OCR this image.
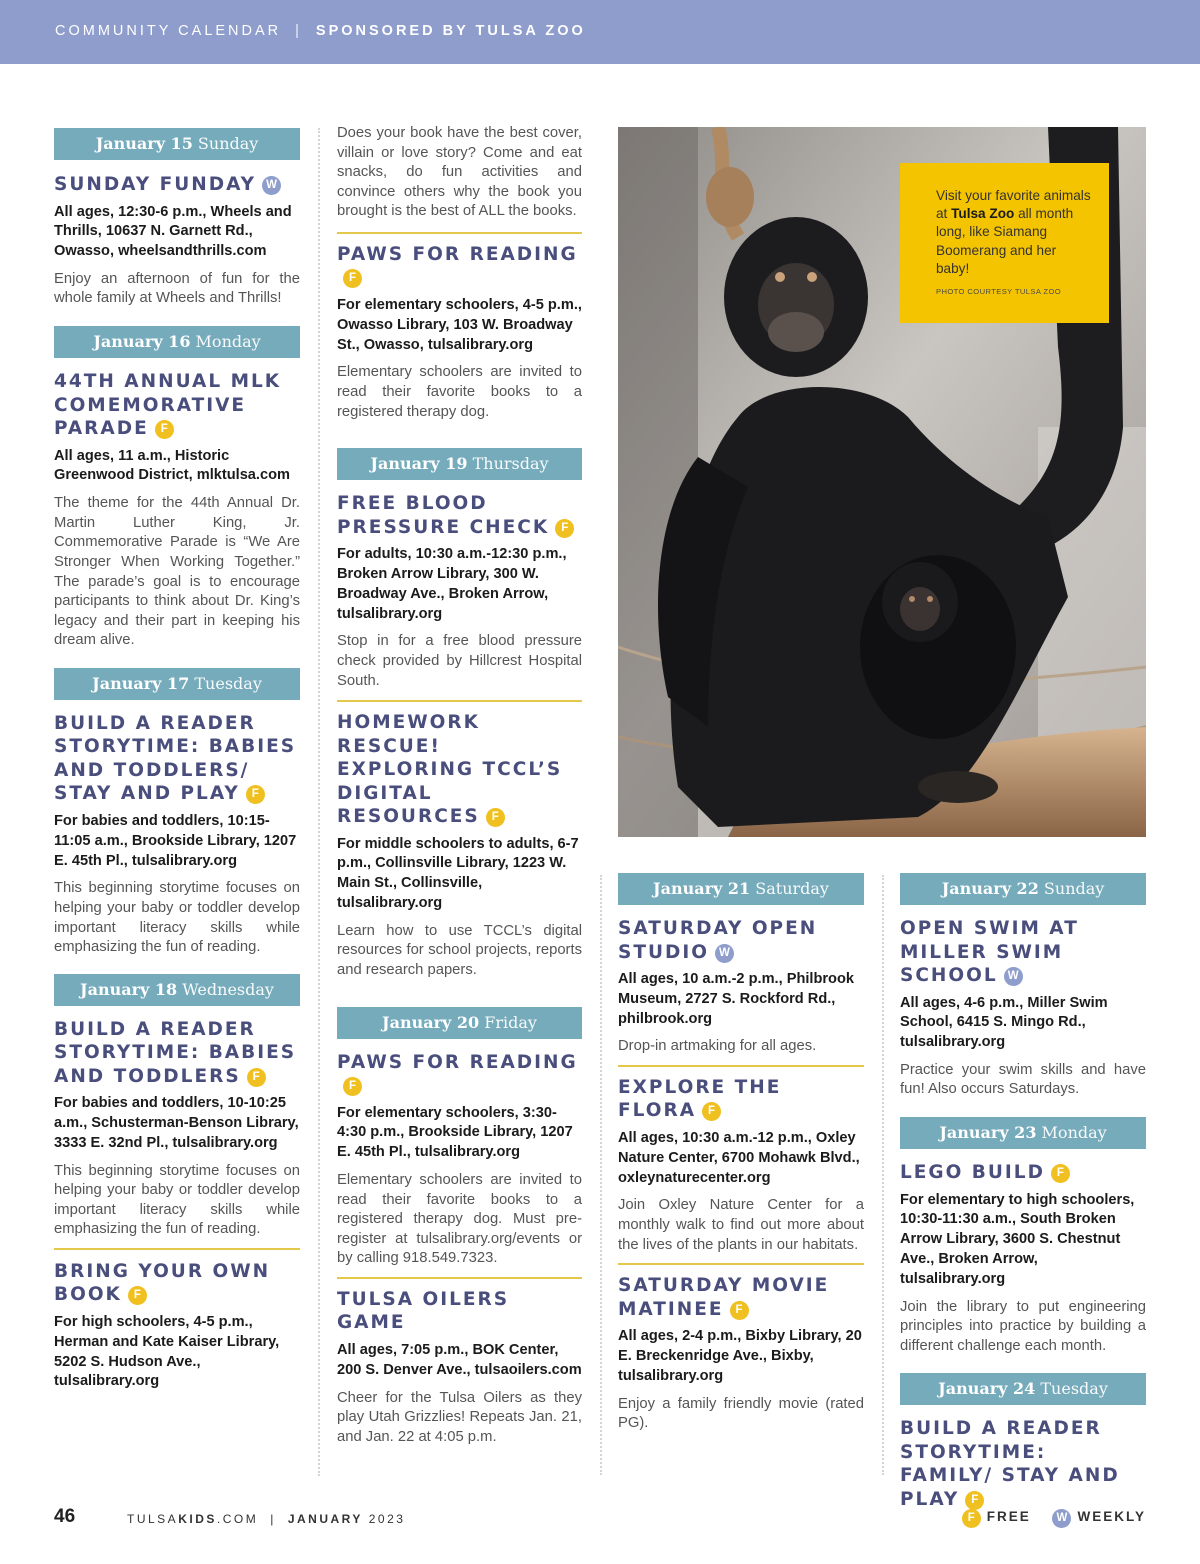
COMMUNITY CALENDAR | SPONSORED BY TULSA ZOO
January 15 Sunday
SUNDAY FUNDAY W
All ages, 12:30-6 p.m., Wheels and Thrills, 10637 N. Garnett Rd., Owasso, wheelsandthrills.com
Enjoy an afternoon of fun for the whole family at Wheels and Thrills!
January 16 Monday
44TH ANNUAL MLK COMEMORATIVE PARADE F
All ages, 11 a.m., Historic Greenwood District, mlktulsa.com
The theme for the 44th Annual Dr. Martin Luther King, Jr. Commemorative Parade is “We Are Stronger When Working Together.” The parade’s goal is to encourage participants to think about Dr. King’s legacy and their part in keeping his dream alive.
January 17 Tuesday
BUILD A READER STORYTIME: BABIES AND TODDLERS/ STAY AND PLAY F
For babies and toddlers, 10:15-11:05 a.m., Brookside Library, 1207 E. 45th Pl., tulsalibrary.org
This beginning storytime focuses on helping your baby or toddler develop important literacy skills while emphasizing the fun of reading.
January 18 Wednesday
BUILD A READER STORYTIME: BABIES AND TODDLERS F
For babies and toddlers, 10-10:25 a.m., Schusterman-Benson Library, 3333 E. 32nd Pl., tulsalibrary.org
This beginning storytime focuses on helping your baby or toddler develop important literacy skills while emphasizing the fun of reading.
BRING YOUR OWN BOOK F
For high schoolers, 4-5 p.m., Herman and Kate Kaiser Library, 5202 S. Hudson Ave., tulsalibrary.org
Does your book have the best cover, villain or love story? Come and eat snacks, do fun activities and convince others why the book you brought is the best of ALL the books.
PAWS FOR READINGF
For elementary schoolers, 4-5 p.m., Owasso Library, 103 W. Broadway St., Owasso, tulsalibrary.org
Elementary schoolers are invited to read their favorite books to a registered therapy dog.
January 19 Thursday
FREE BLOOD PRESSURE CHECK F
For adults, 10:30 a.m.-12:30 p.m., Broken Arrow Library, 300 W. Broadway Ave., Broken Arrow, tulsalibrary.org
Stop in for a free blood pressure check provided by Hillcrest Hospital South.
HOMEWORK RESCUE! EXPLORING TCCL’S DIGITAL RESOURCES F
For middle schoolers to adults, 6-7 p.m., Collinsville Library, 1223 W. Main St., Collinsville, tulsalibrary.org
Learn how to use TCCL’s digital resources for school projects, reports and research papers.
January 20 Friday
PAWS FOR READINGF
For elementary schoolers, 3:30-4:30 p.m., Brookside Library, 1207 E. 45th Pl., tulsalibrary.org
Elementary schoolers are invited to read their favorite books to a registered therapy dog. Must pre-register at tulsalibrary.org/events or by calling 918.549.7323.
TULSA OILERS GAME
All ages, 7:05 p.m., BOK Center, 200 S. Denver Ave., tulsaoilers.com
Cheer for the Tulsa Oilers as they play Utah Grizzlies! Repeats Jan. 21, and Jan. 22 at 4:05 p.m.
Visit your favorite animals at Tulsa Zoo all month long, like Siamang Boomerang and her baby!
PHOTO COURTESY TULSA ZOO
January 21 Saturday
SATURDAY OPEN STUDIO W
All ages, 10 a.m.-2 p.m., Philbrook Museum, 2727 S. Rockford Rd., philbrook.org
Drop-in artmaking for all ages.
EXPLORE THE FLORA F
All ages, 10:30 a.m.-12 p.m., Oxley Nature Center, 6700 Mohawk Blvd., oxleynaturecenter.org
Join Oxley Nature Center for a monthly walk to find out more about the lives of the plants in our habitats.
SATURDAY MOVIE MATINEE F
All ages, 2-4 p.m., Bixby Library, 20 E. Breckenridge Ave., Bixby, tulsalibrary.org
Enjoy a family friendly movie (rated PG).
January 22 Sunday
OPEN SWIM AT MILLER SWIM SCHOOL W
All ages, 4-6 p.m., Miller Swim School, 6415 S. Mingo Rd., tulsalibrary.org
Practice your swim skills and have fun! Also occurs Saturdays.
January 23 Monday
LEGO BUILD F
For elementary to high schoolers, 10:30-11:30 a.m., South Broken Arrow Library, 3600 S. Chestnut Ave., Broken Arrow, tulsalibrary.org
Join the library to put engineering principles into practice by building a different challenge each month.
January 24 Tuesday
BUILD A READER STORYTIME: FAMILY/ STAY AND PLAY F
46	TULSAKIDS.COM | JANUARY 2023	F FREE W WEEKLY
